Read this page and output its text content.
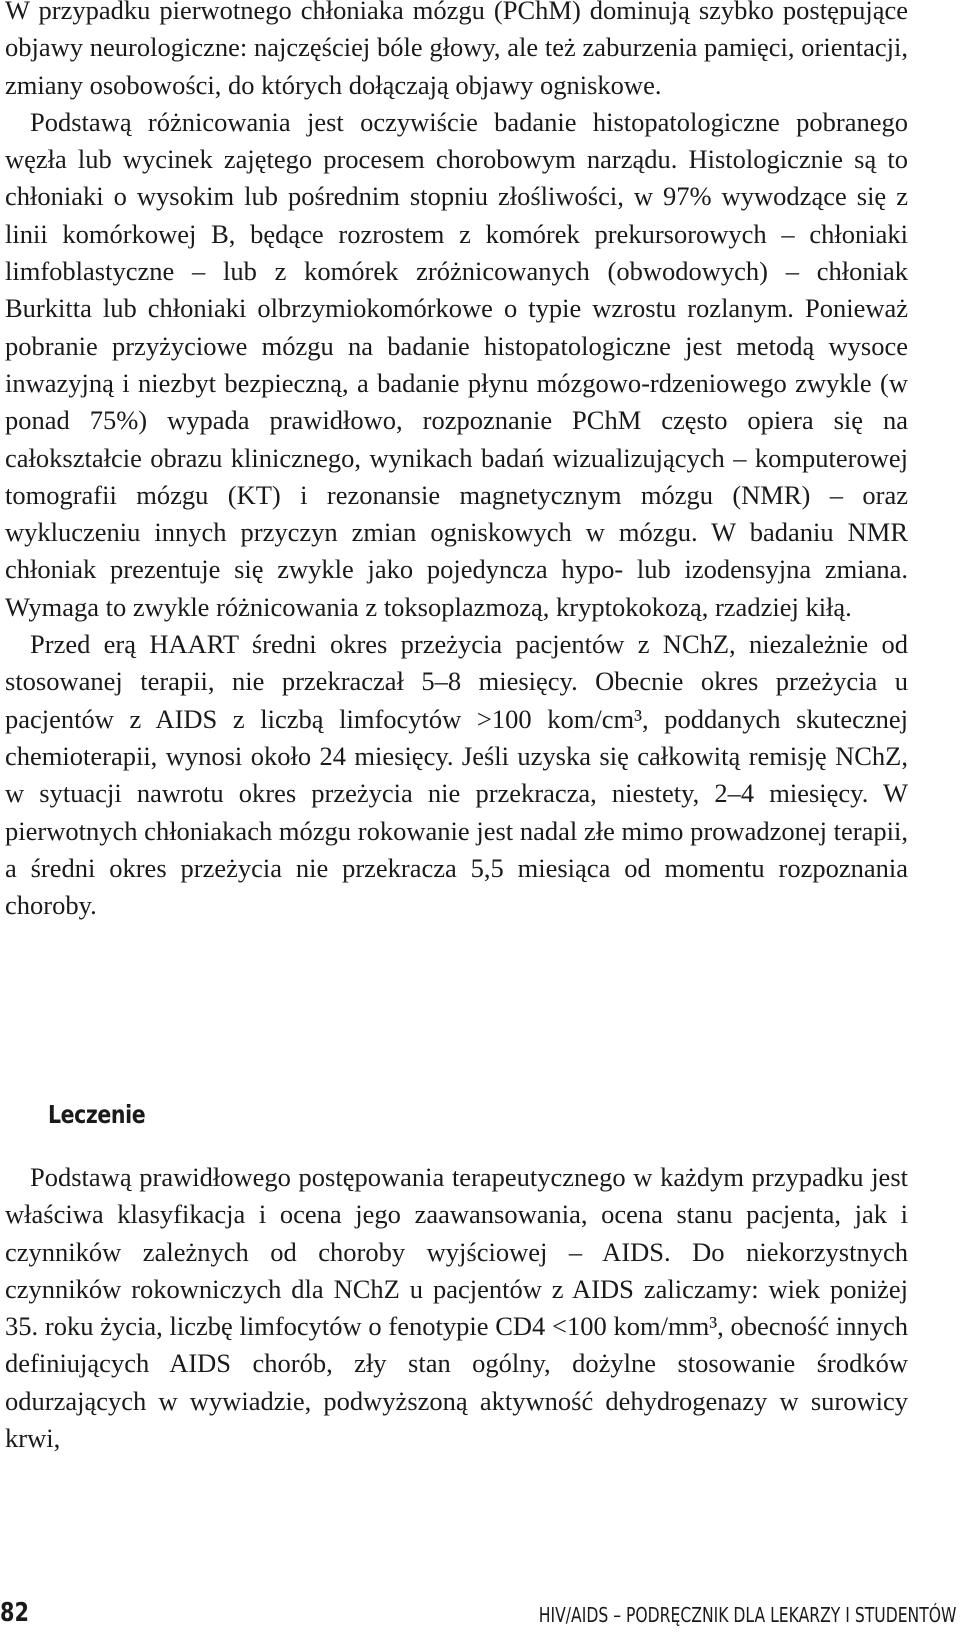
W przypadku pierwotnego chłoniaka mózgu (PChM) dominują szybko postępujące objawy neurologiczne: najczęściej bóle głowy, ale też zaburzenia pamięci, orientacji, zmiany osobowości, do których dołączają objawy ogniskowe.

Podstawą różnicowania jest oczywiście badanie histopatologiczne pobranego węzła lub wycinek zajętego procesem chorobowym narządu. Histologicznie są to chłoniaki o wysokim lub pośrednim stopniu złośliwości, w 97% wywodzące się z linii komórkowej B, będące rozrostem z komórek prekursorowych – chłoniaki limfoblastyczne – lub z komórek zróżnicowanych (obwodowych) – chłoniak Burkitta lub chłoniaki olbrzymiokomórkowe o typie wzrostu rozlanym. Ponieważ pobranie przyżyciowe mózgu na badanie histopatologiczne jest metodą wysoce inwazyjną i niezbyt bezpieczną, a badanie płynu mózgowo-rdzeniowego zwykle (w ponad 75%) wypada prawidłowo, rozpoznanie PChM często opiera się na całokształcie obrazu klinicznego, wynikach badań wizualizujących – komputerowej tomografii mózgu (KT) i rezonansie magnetycznym mózgu (NMR) – oraz wykluczeniu innych przyczyn zmian ogniskowych w mózgu. W badaniu NMR chłoniak prezentuje się zwykle jako pojedyncza hypo- lub izodensyjna zmiana. Wymaga to zwykle różnicowania z toksoplazmozą, kryptokokozą, rzadziej kiłą.

Przed erą HAART średni okres przeżycia pacjentów z NChZ, niezależnie od stosowanej terapii, nie przekraczał 5–8 miesięcy. Obecnie okres przeżycia u pacjentów z AIDS z liczbą limfocytów >100 kom/cm³, poddanych skutecznej chemioterapii, wynosi około 24 miesięcy. Jeśli uzyska się całkowitą remisję NChZ, w sytuacji nawrotu okres przeżycia nie przekracza, niestety, 2–4 miesięcy. W pierwotnych chłoniakach mózgu rokowanie jest nadal złe mimo prowadzonej terapii, a średni okres przeżycia nie przekracza 5,5 miesiąca od momentu rozpoznania choroby.

Leczenie

Podstawą prawidłowego postępowania terapeutycznego w każdym przypadku jest właściwa klasyfikacja i ocena jego zaawansowania, ocena stanu pacjenta, jak i czynników zależnych od choroby wyjściowej – AIDS. Do niekorzystnych czynników rokowniczych dla NChZ u pacjentów z AIDS zaliczamy: wiek poniżej 35. roku życia, liczbę limfocytów o fenotypie CD4 <100 kom/mm³, obecność innych definiujących AIDS chorób, zły stan ogólny, dożylne stosowanie środków odurzających w wywiadzie, podwyższoną aktywność dehydrogenazy w surowicy krwi,

82	HIV/AIDS – PODRĘCZNIK DLA LEKARZY I STUDENTÓW
